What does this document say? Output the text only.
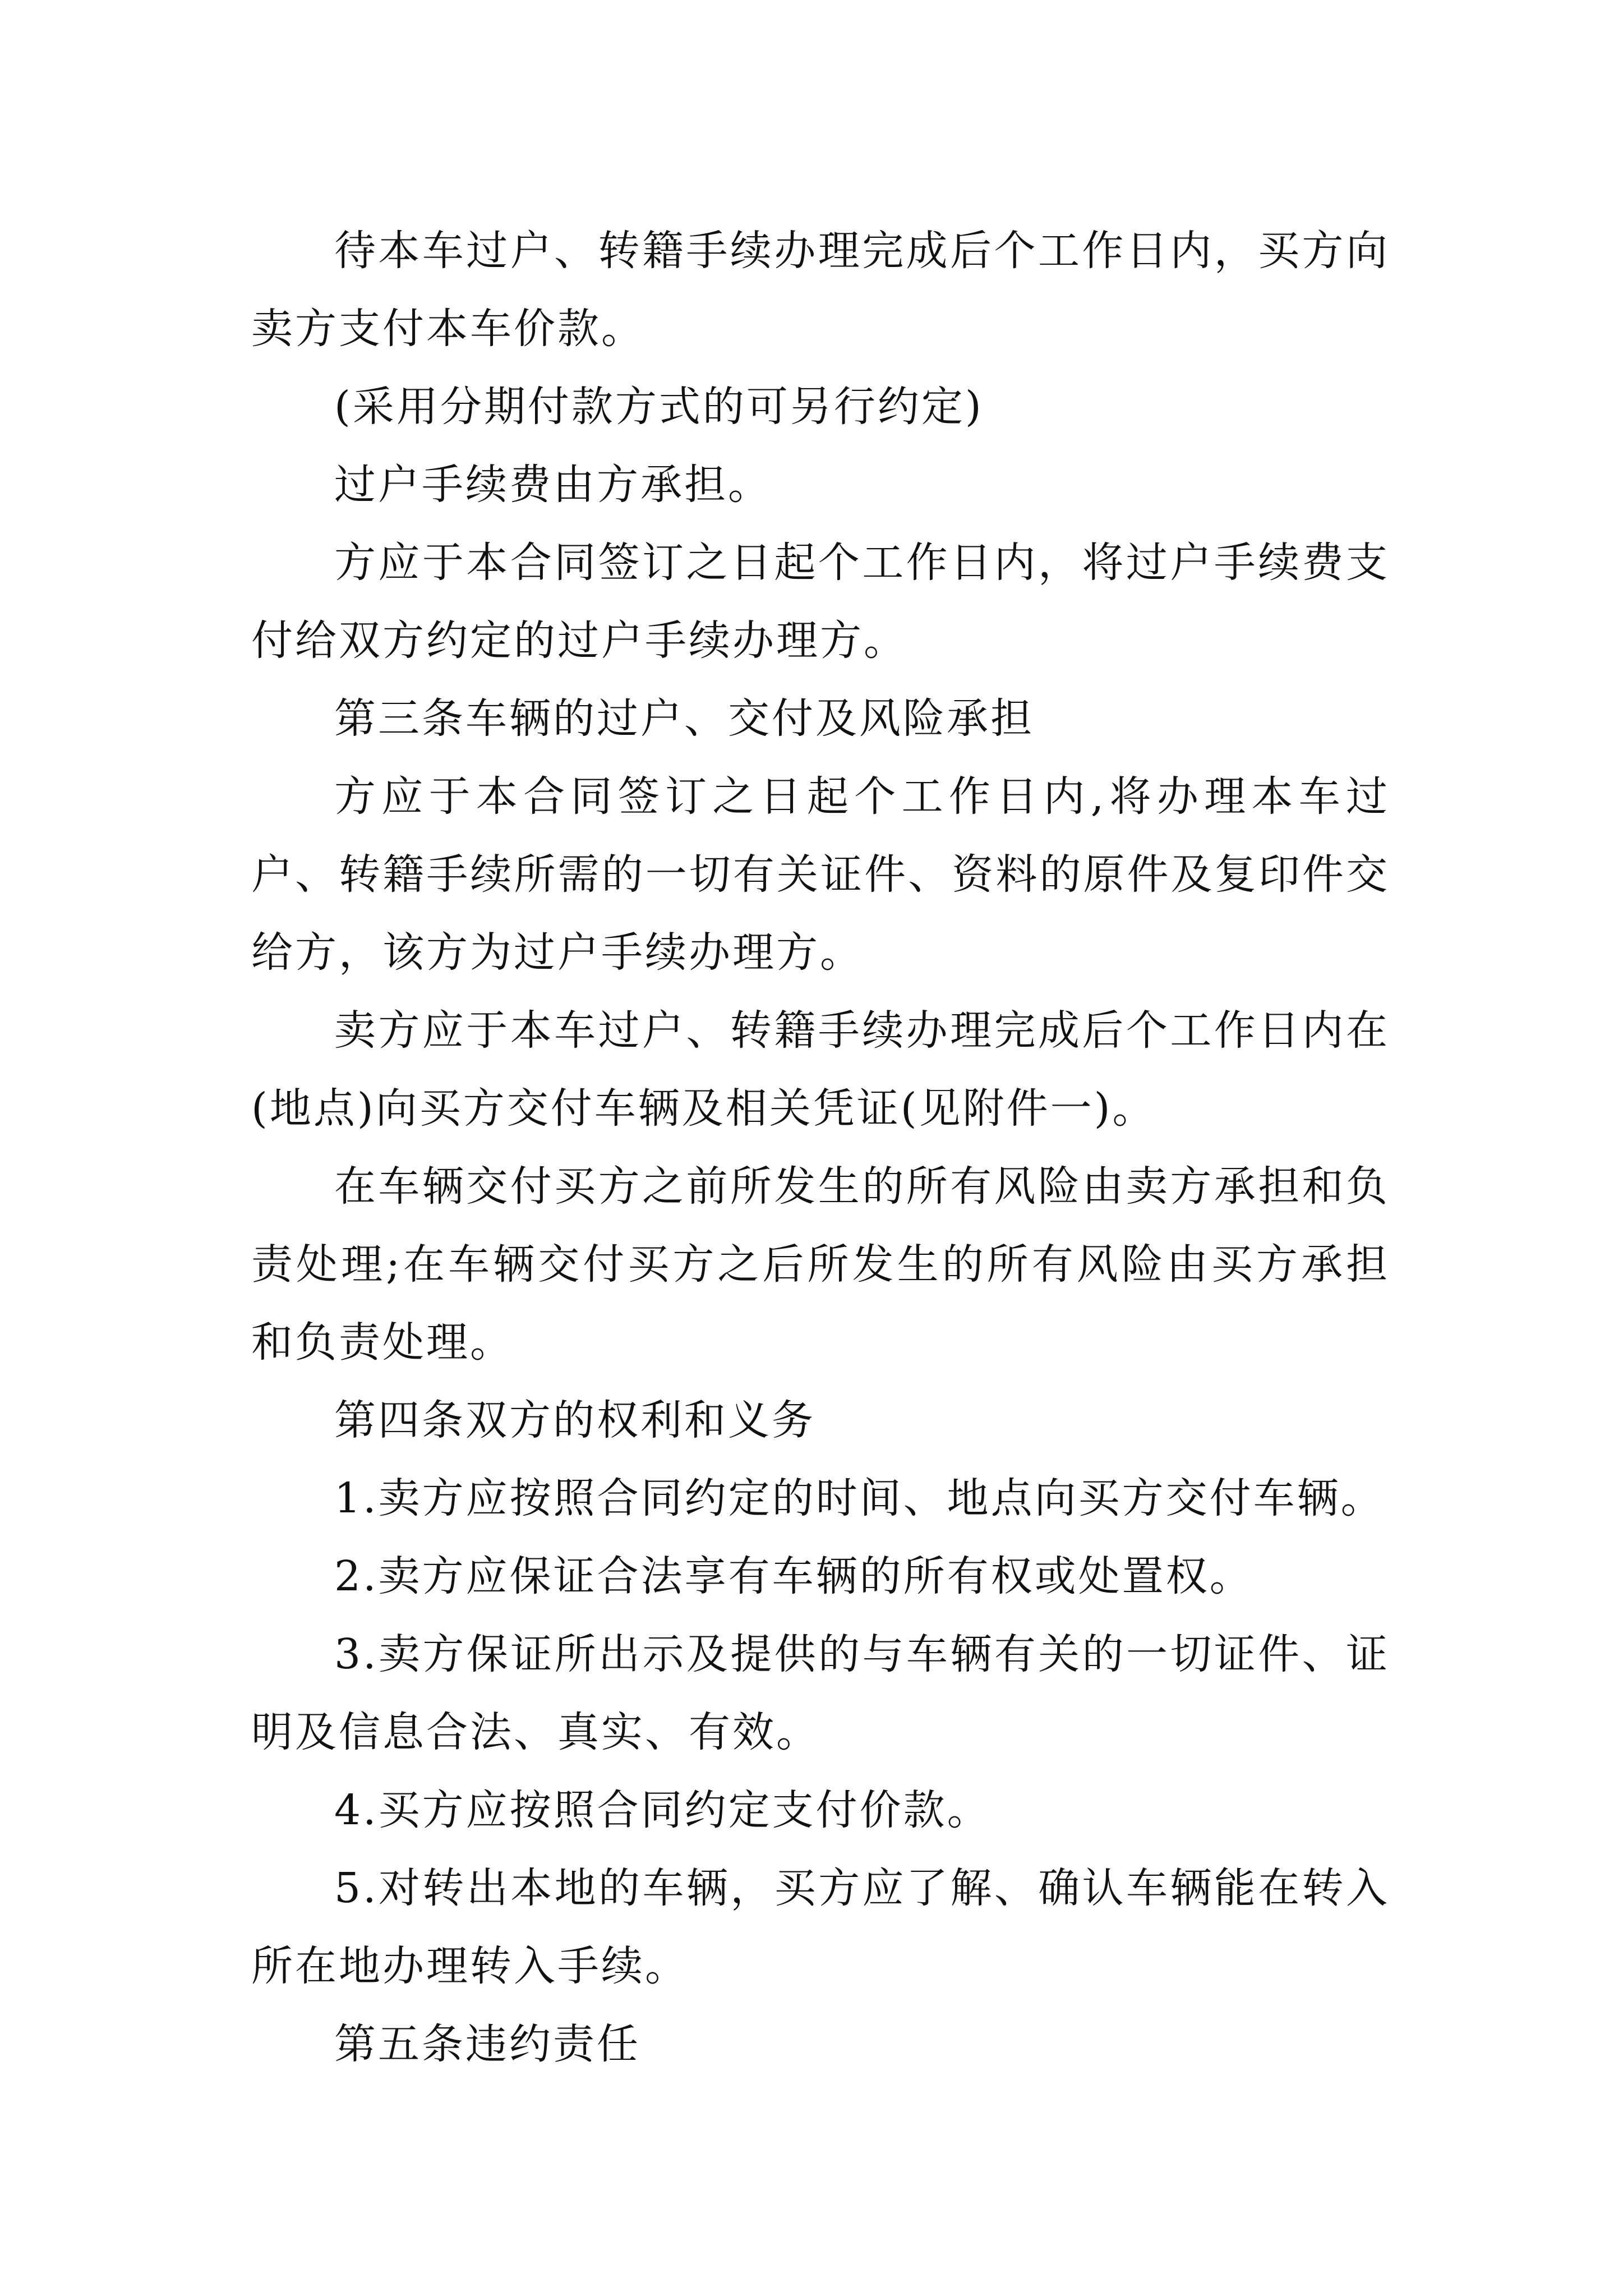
待本车过户、转籍手续办理完成后个工作日内，买方向卖方支付本车价款。

(采用分期付款方式的可另行约定)

过户手续费由方承担。

方应于本合同签订之日起个工作日内，将过户手续费支付给双方约定的过户手续办理方。

第三条车辆的过户、交付及风险承担

方应于本合同签订之日起个工作日内,将办理本车过户、转籍手续所需的一切有关证件、资料的原件及复印件交给方，该方为过户手续办理方。

卖方应于本车过户、转籍手续办理完成后个工作日内在(地点)向买方交付车辆及相关凭证(见附件一)。

在车辆交付买方之前所发生的所有风险由卖方承担和负责处理;在车辆交付买方之后所发生的所有风险由买方承担和负责处理。

第四条双方的权利和义务

1.卖方应按照合同约定的时间、地点向买方交付车辆。

2.卖方应保证合法享有车辆的所有权或处置权。

3.卖方保证所出示及提供的与车辆有关的一切证件、证明及信息合法、真实、有效。

4.买方应按照合同约定支付价款。

5.对转出本地的车辆，买方应了解、确认车辆能在转入所在地办理转入手续。

第五条违约责任
